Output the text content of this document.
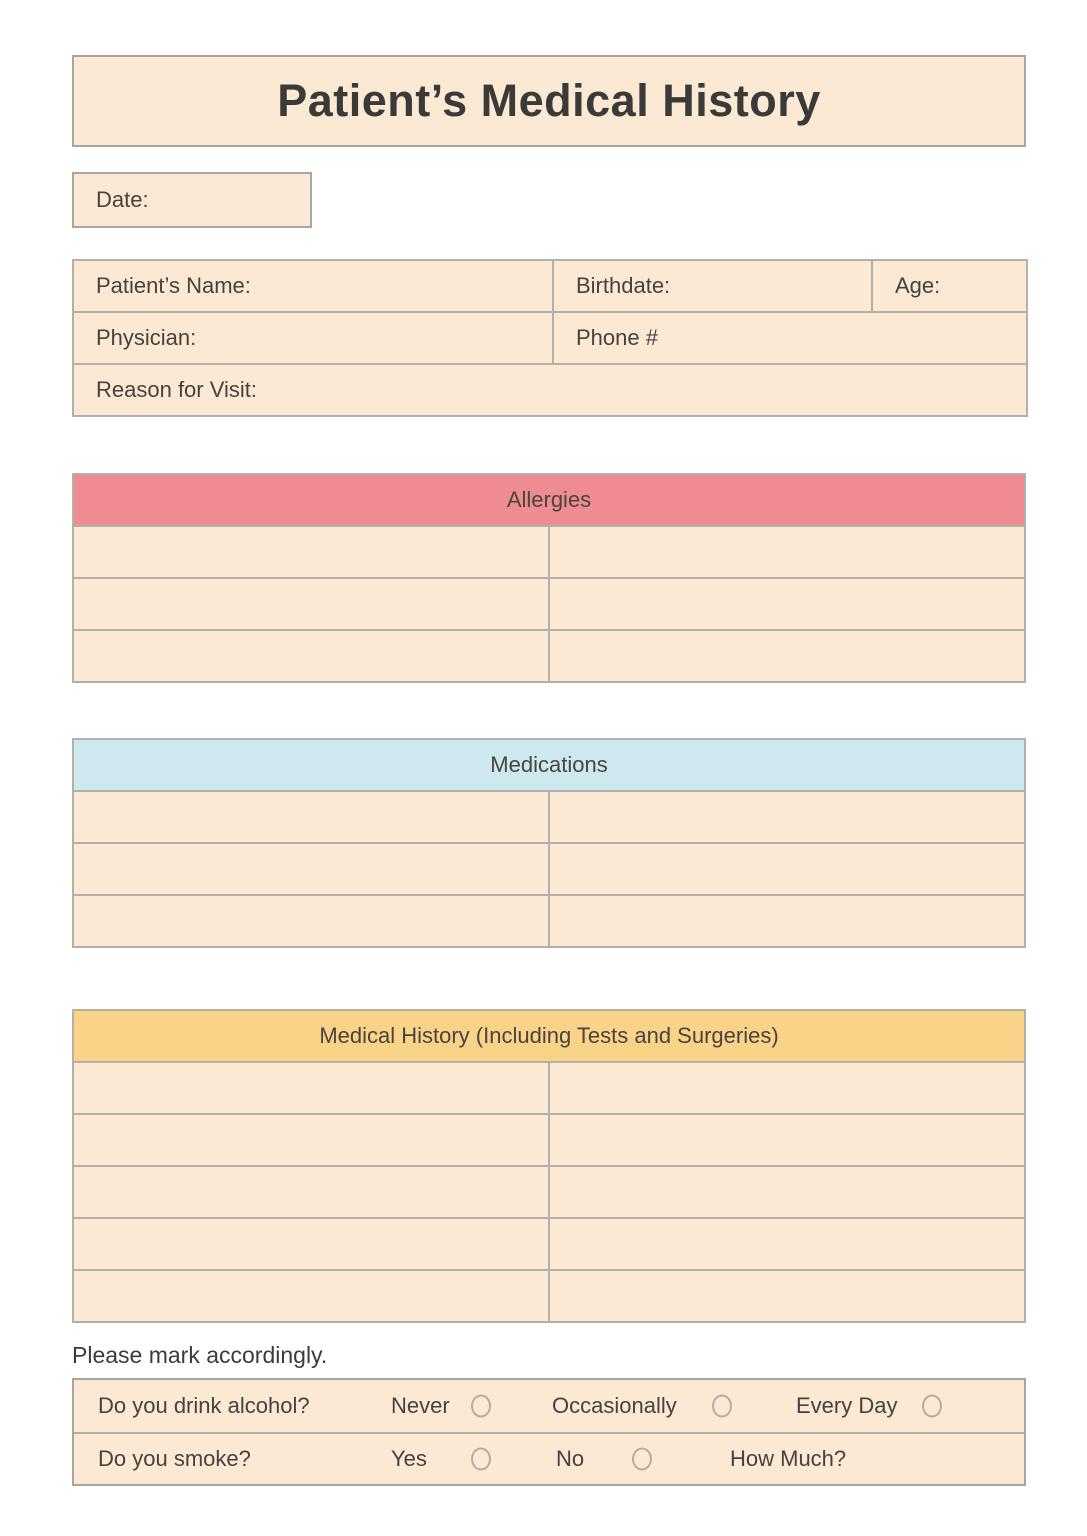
Patient’s Medical History
Date:
Patient’s Name:	Birthdate:	Age:
Physician:	Phone #	
Reason for Visit:		
Allergies	

Medications	

Medical History (Including Tests and Surgeries)	

Please mark accordingly.
Do you drink alcohol?	Never	Occasionally	Every Day
Do you smoke?	Yes	No	How Much?
